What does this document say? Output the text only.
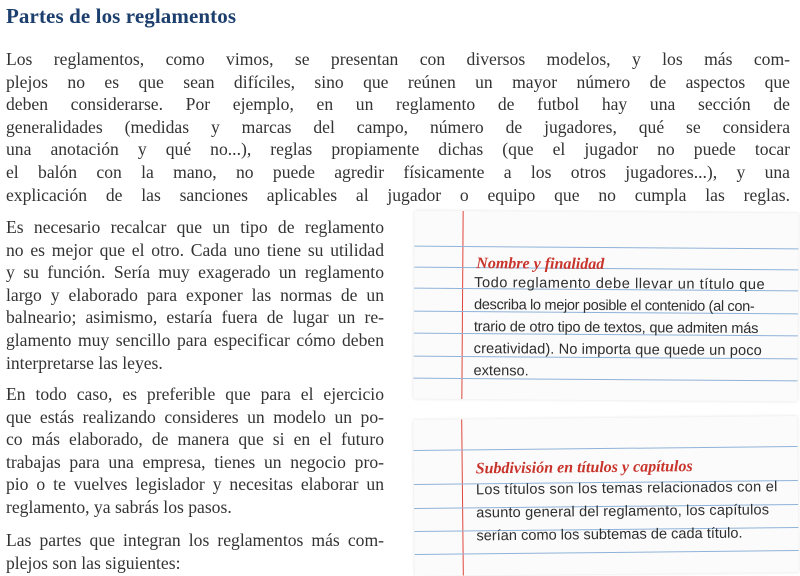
Partes de los reglamentos
Los reglamentos, como vimos, se presentan con diversos modelos, y los más com-
plejos no es que sean difíciles, sino que reúnen un mayor número de aspectos que
deben considerarse. Por ejemplo, en un reglamento de futbol hay una sección de
generalidades (medidas y marcas del campo, número de jugadores, qué se considera
una anotación y qué no...), reglas propiamente dichas (que el jugador no puede tocar
el balón con la mano, no puede agredir físicamente a los otros jugadores...), y una
explicación de las sanciones aplicables al jugador o equipo que no cumpla las reglas.
Es necesario recalcar que un tipo de reglamento
no es mejor que el otro. Cada uno tiene su utilidad
y su función. Sería muy exagerado un reglamento
largo y elaborado para exponer las normas de un
balneario; asimismo, estaría fuera de lugar un re-
glamento muy sencillo para especificar cómo deben
interpretarse las leyes.
En todo caso, es preferible que para el ejercicio
que estás realizando consideres un modelo un po-
co más elaborado, de manera que si en el futuro
trabajas para una empresa, tienes un negocio pro-
pio o te vuelves legislador y necesitas elaborar un
reglamento, ya sabrás los pasos.
Las partes que integran los reglamentos más com-
plejos son las siguientes:
Nombre y finalidad
Todo reglamento debe llevar un título que
describa lo mejor posible el contenido (al con-
trario de otro tipo de textos, que admiten más
creatividad). No importa que quede un poco
extenso.
Subdivisión en títulos y capítulos
Los títulos son los temas relacionados con el
asunto general del reglamento, los capítulos
serían como los subtemas de cada título.
